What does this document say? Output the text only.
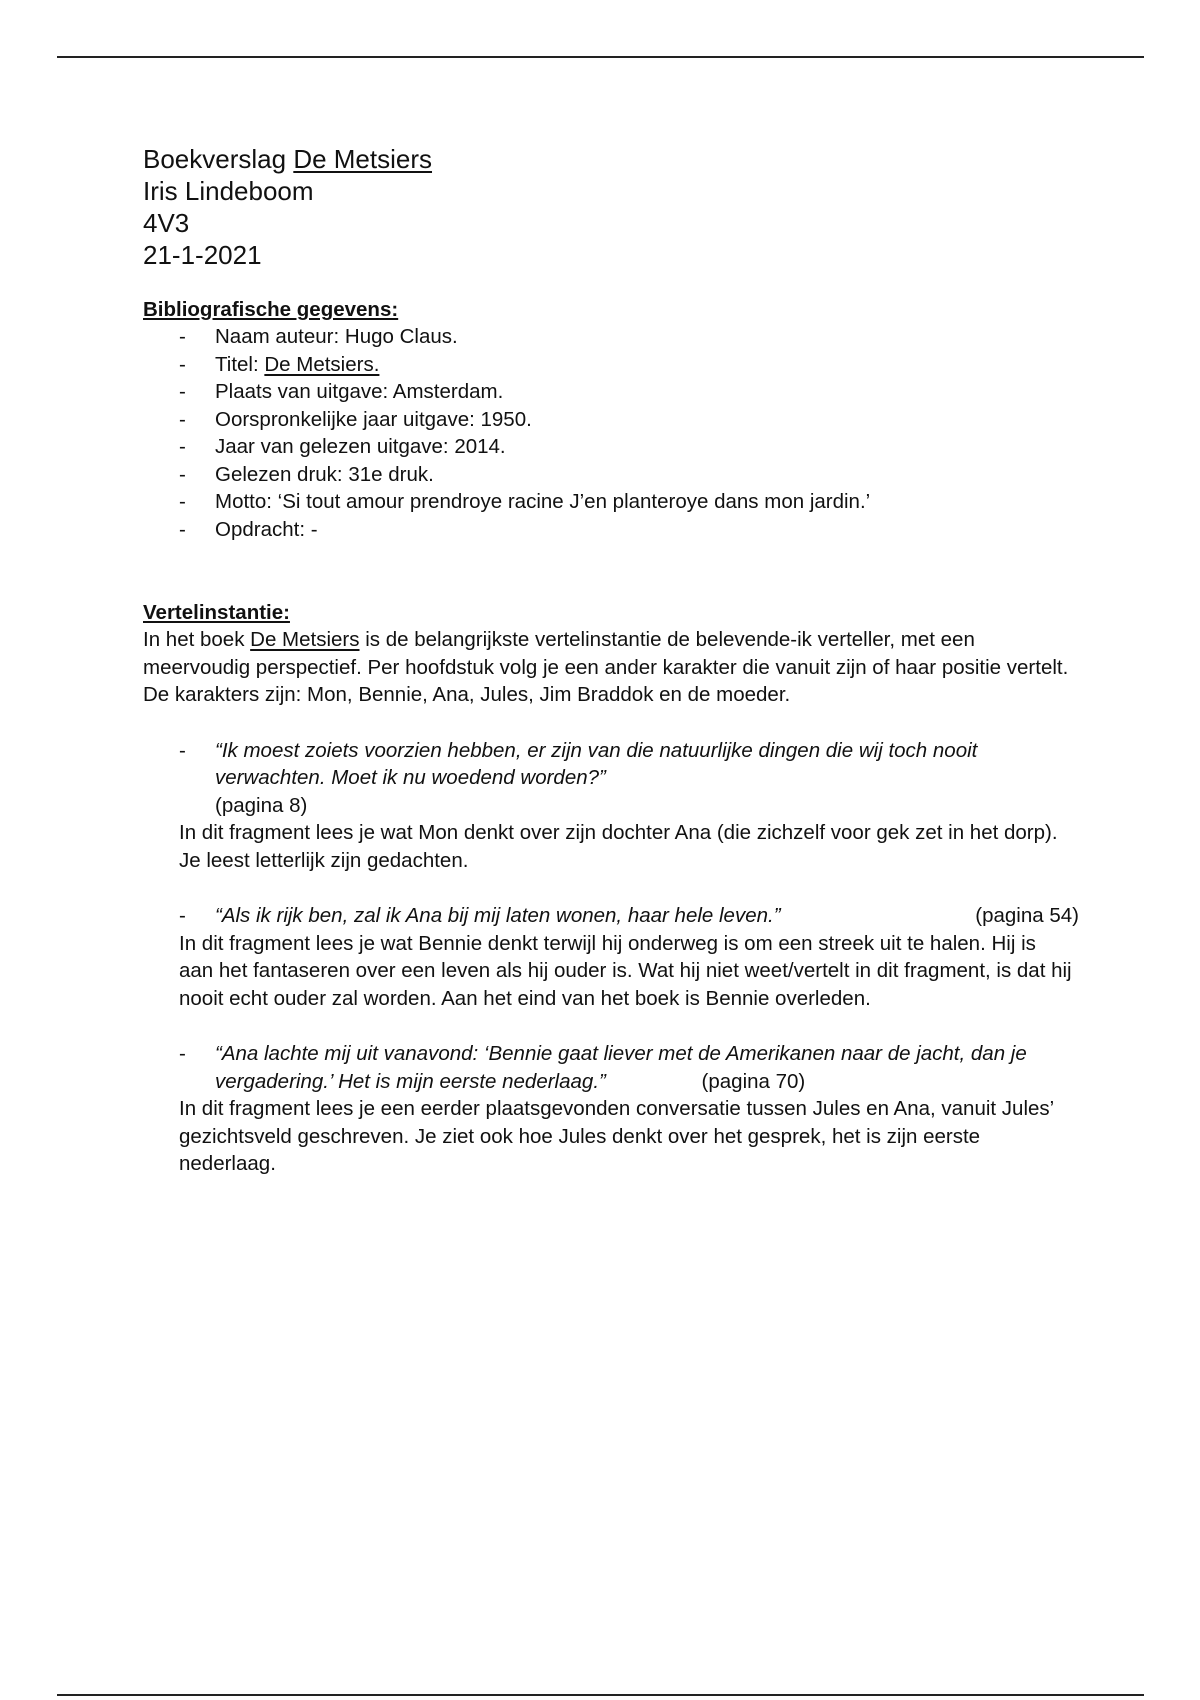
Boekverslag De Metsiers
Iris Lindeboom
4V3
21-1-2021
Bibliografische gegevens:
- Naam auteur: Hugo Claus.
- Titel: De Metsiers.
- Plaats van uitgave: Amsterdam.
- Oorspronkelijke jaar uitgave: 1950.
- Jaar van gelezen uitgave: 2014.
- Gelezen druk: 31e druk.
- Motto: ‘Si tout amour prendroye racine J’en planteroye dans mon jardin.’
- Opdracht: -
Vertelinstantie:
In het boek De Metsiers is de belangrijkste vertelinstantie de belevende-ik verteller, met een meervoudig perspectief. Per hoofdstuk volg je een ander karakter die vanuit zijn of haar positie vertelt. De karakters zijn: Mon, Bennie, Ana, Jules, Jim Braddok en de moeder.
- “Ik moest zoiets voorzien hebben, er zijn van die natuurlijke dingen die wij toch nooit verwachten. Moet ik nu woedend worden?”
(pagina 8)
In dit fragment lees je wat Mon denkt over zijn dochter Ana (die zichzelf voor gek zet in het dorp). Je leest letterlijk zijn gedachten.
-	(pagina 54)
“Als ik rijk ben, zal ik Ana bij mij laten wonen, haar hele leven.”
In dit fragment lees je wat Bennie denkt terwijl hij onderweg is om een streek uit te halen. Hij is aan het fantaseren over een leven als hij ouder is. Wat hij niet weet/vertelt in dit fragment, is dat hij nooit echt ouder zal worden. Aan het eind van het boek is Bennie overleden.
- “Ana lachte mij uit vanavond: ‘Bennie gaat liever met de Amerikanen naar de jacht, dan je vergadering.’ Het is mijn eerste nederlaag.”	(pagina 70)
In dit fragment lees je een eerder plaatsgevonden conversatie tussen Jules en Ana, vanuit Jules’ gezichtsveld geschreven. Je ziet ook hoe Jules denkt over het gesprek, het is zijn eerste nederlaag.
